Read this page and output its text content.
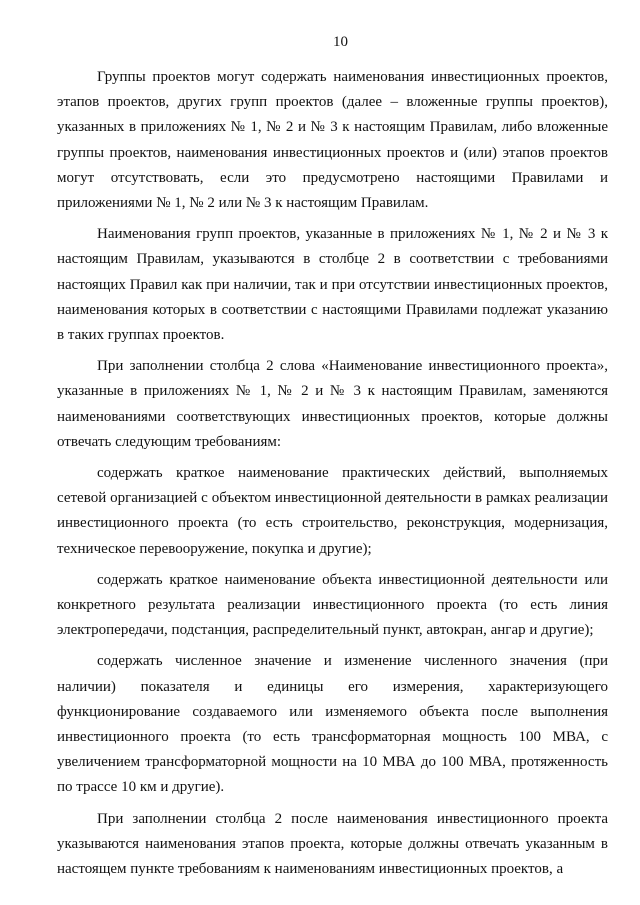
10

Группы проектов могут содержать наименования инвестиционных проектов, этапов проектов, других групп проектов (далее – вложенные группы проектов), указанных в приложениях № 1, № 2 и № 3 к настоящим Правилам, либо вложенные группы проектов, наименования инвестиционных проектов и (или) этапов проектов могут отсутствовать, если это предусмотрено настоящими Правилами и приложениями № 1, № 2 или № 3 к настоящим Правилам.

Наименования групп проектов, указанные в приложениях № 1, № 2 и № 3 к настоящим Правилам, указываются в столбце 2 в соответствии с требованиями настоящих Правил как при наличии, так и при отсутствии инвестиционных проектов, наименования которых в соответствии с настоящими Правилами подлежат указанию в таких группах проектов.

При заполнении столбца 2 слова «Наименование инвестиционного проекта», указанные в приложениях № 1, № 2 и № 3 к настоящим Правилам, заменяются наименованиями соответствующих инвестиционных проектов, которые должны отвечать следующим требованиям:

содержать краткое наименование практических действий, выполняемых сетевой организацией с объектом инвестиционной деятельности в рамках реализации инвестиционного проекта (то есть строительство, реконструкция, модернизация, техническое перевооружение, покупка и другие);

содержать краткое наименование объекта инвестиционной деятельности или конкретного результата реализации инвестиционного проекта (то есть линия электропередачи, подстанция, распределительный пункт, автокран, ангар и другие);

содержать численное значение и изменение численного значения (при наличии) показателя и единицы его измерения, характеризующего функционирование создаваемого или изменяемого объекта после выполнения инвестиционного проекта (то есть трансформаторная мощность 100 МВА, с увеличением трансформаторной мощности на 10 МВА до 100 МВА, протяженность по трассе 10 км и другие).

При заполнении столбца 2 после наименования инвестиционного проекта указываются наименования этапов проекта, которые должны отвечать указанным в настоящем пункте требованиям к наименованиям инвестиционных проектов, а
